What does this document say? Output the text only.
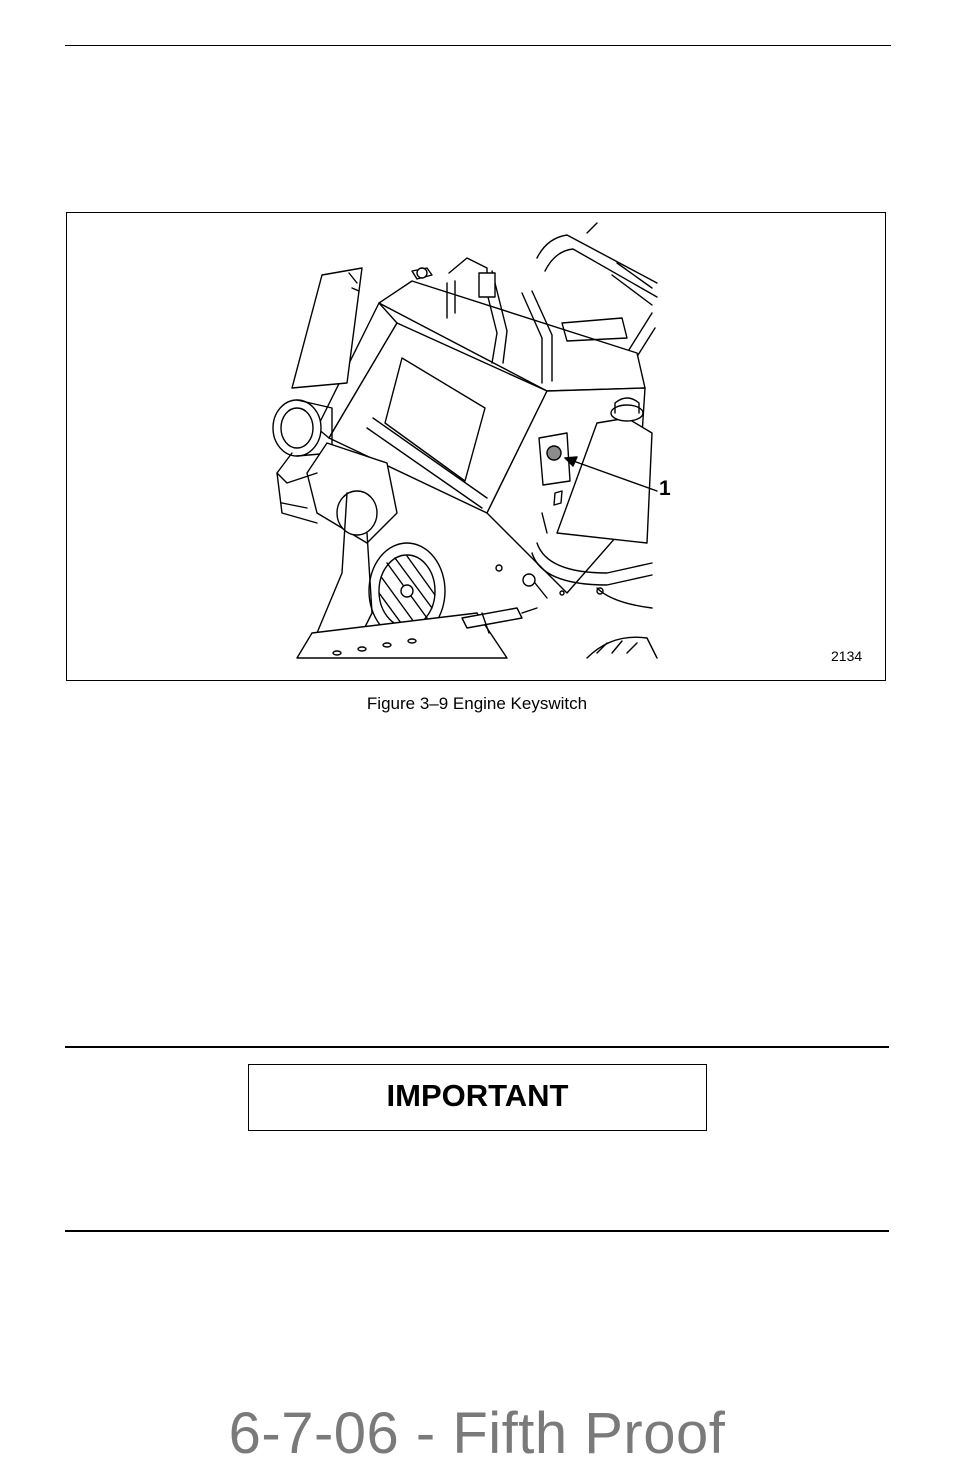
1
2134
Figure 3–9 Engine Keyswitch
IMPORTANT
6-7-06 - Fifth Proof
